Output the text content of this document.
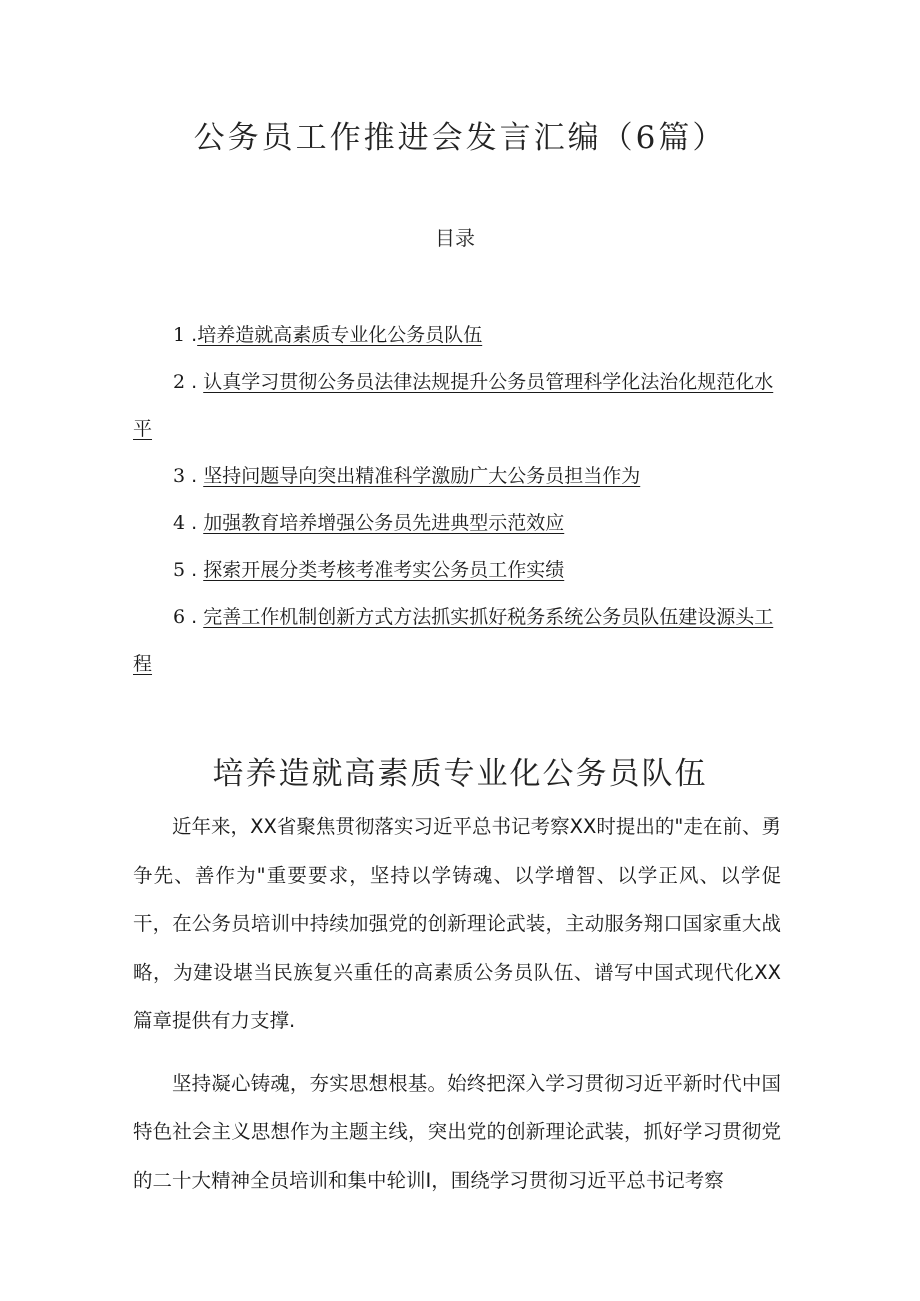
公务员工作推进会发言汇编（6篇）
目录
1 .培养造就高素质专业化公务员队伍
2 . 认真学习贯彻公务员法律法规提升公务员管理科学化法治化规范化水平
3 . 坚持问题导向突出精准科学激励广大公务员担当作为
4 . 加强教育培养增强公务员先进典型示范效应
5 . 探索开展分类考核考准考实公务员工作实绩
6 . 完善工作机制创新方式方法抓实抓好税务系统公务员队伍建设源头工程
培养造就高素质专业化公务员队伍

近年来，XX省聚焦贯彻落实习近平总书记考察XX时提出的"走在前、勇争先、善作为"重要要求，坚持以学铸魂、以学增智、以学正风、以学促干，在公务员培训中持续加强党的创新理论武装，主动服务翔口国家重大战略，为建设堪当民族复兴重任的高素质公务员队伍、谱写中国式现代化XX篇章提供有力支撑.

坚持凝心铸魂，夯实思想根基。始终把深入学习贯彻习近平新时代中国特色社会主义思想作为主题主线，突出党的创新理论武装，抓好学习贯彻党的二十大精神全员培训和集中轮训I，围绕学习贯彻习近平总书记考察
